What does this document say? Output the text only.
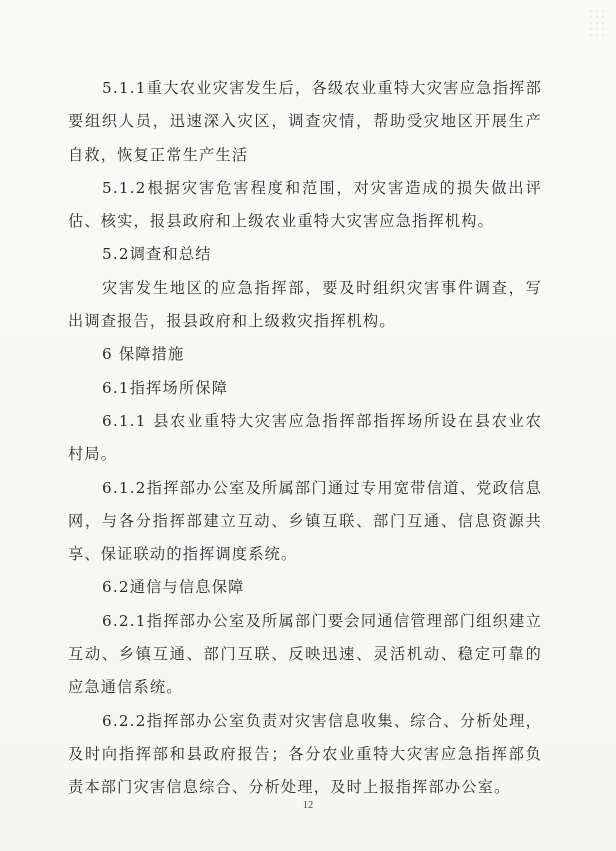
5.1.1重大农业灾害发生后，各级农业重特大灾害应急指挥部要组织人员，迅速深入灾区，调查灾情，帮助受灾地区开展生产自救，恢复正常生产生活

5.1.2根据灾害危害程度和范围，对灾害造成的损失做出评估、核实，报县政府和上级农业重特大灾害应急指挥机构。

5.2调查和总结

灾害发生地区的应急指挥部，要及时组织灾害事件调查，写出调查报告，报县政府和上级救灾指挥机构。

6 保障措施

6.1指挥场所保障

6.1.1 县农业重特大灾害应急指挥部指挥场所设在县农业农村局。

6.1.2指挥部办公室及所属部门通过专用宽带信道、党政信息网，与各分指挥部建立互动、乡镇互联、部门互通、信息资源共享、保证联动的指挥调度系统。

6.2通信与信息保障

6.2.1指挥部办公室及所属部门要会同通信管理部门组织建立互动、乡镇互通、部门互联、反映迅速、灵活机动、稳定可靠的应急通信系统。

6.2.2指挥部办公室负责对灾害信息收集、综合、分析处理，及时向指挥部和县政府报告；各分农业重特大灾害应急指挥部负责本部门灾害信息综合、分析处理，及时上报指挥部办公室。

12
